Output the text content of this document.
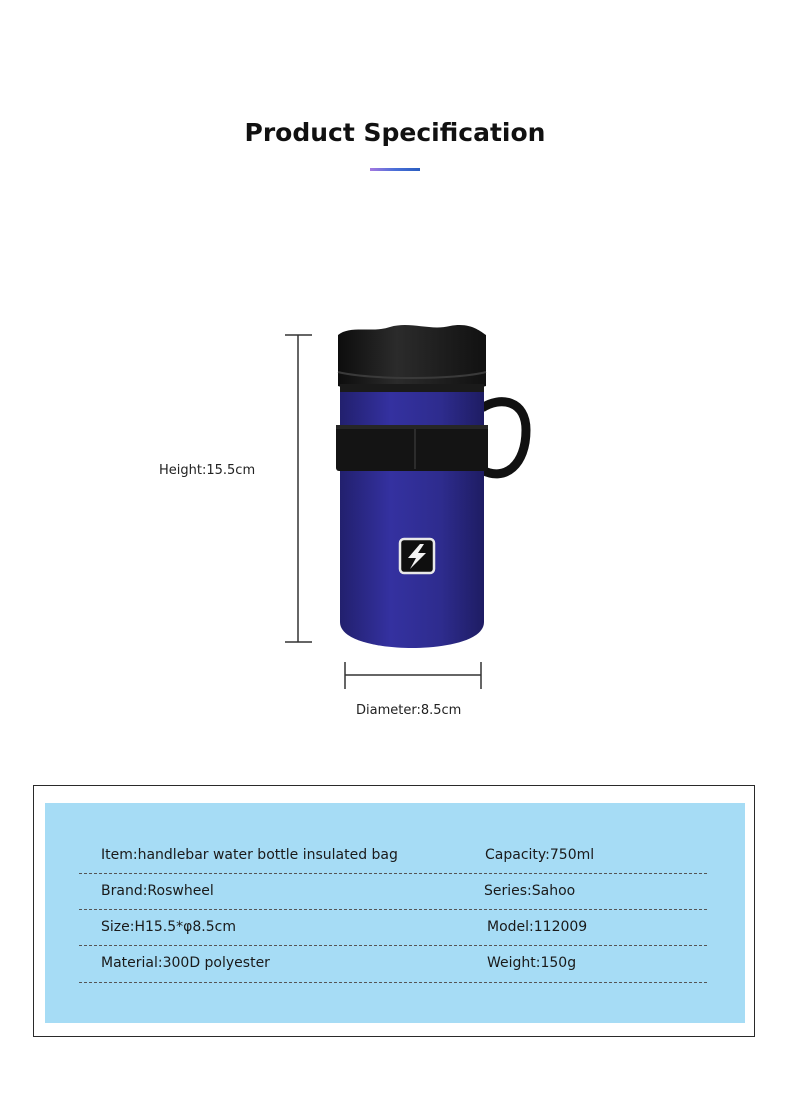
Product Specification
Height:15.5cm
Diameter:8.5cm
Item:handlebar water bottle insulated bag	Capacity:750ml
Brand:Roswheel	Series:Sahoo
Size:H15.5*φ8.5cm	Model:112009
Material:300D polyester	Weight:150g
